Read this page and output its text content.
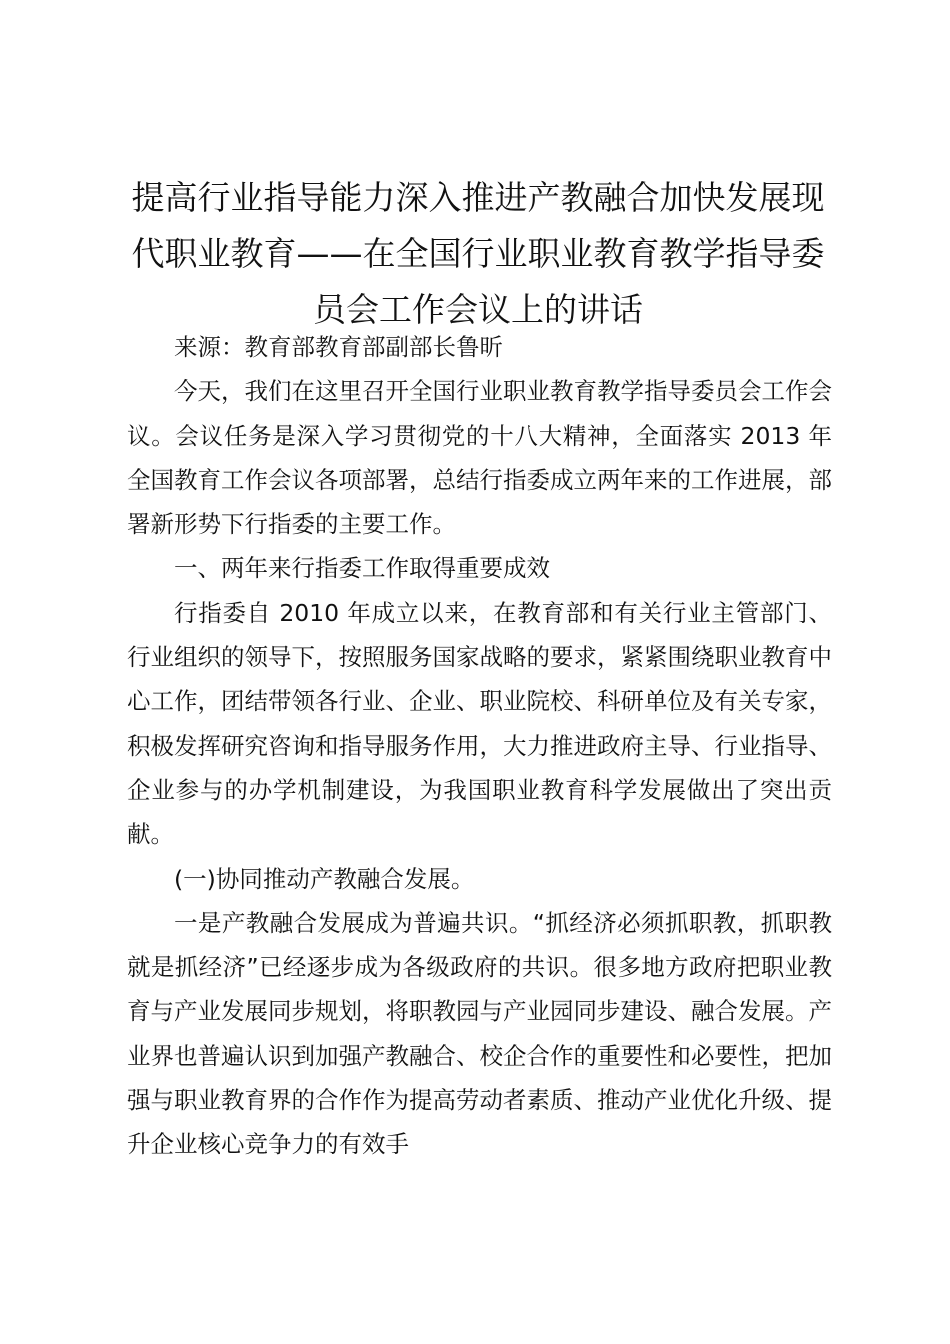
提高行业指导能力深入推进产教融合加快发展现代职业教育——在全国行业职业教育教学指导委员会工作会议上的讲话

来源：教育部教育部副部长鲁昕

今天，我们在这里召开全国行业职业教育教学指导委员会工作会议。会议任务是深入学习贯彻党的十八大精神，全面落实 2013 年全国教育工作会议各项部署，总结行指委成立两年来的工作进展，部署新形势下行指委的主要工作。

一、两年来行指委工作取得重要成效

行指委自 2010 年成立以来，在教育部和有关行业主管部门、行业组织的领导下，按照服务国家战略的要求，紧紧围绕职业教育中心工作，团结带领各行业、企业、职业院校、科研单位及有关专家，积极发挥研究咨询和指导服务作用，大力推进政府主导、行业指导、企业参与的办学机制建设，为我国职业教育科学发展做出了突出贡献。

(一)协同推动产教融合发展。

一是产教融合发展成为普遍共识。“抓经济必须抓职教，抓职教就是抓经济”已经逐步成为各级政府的共识。很多地方政府把职业教育与产业发展同步规划，将职教园与产业园同步建设、融合发展。产业界也普遍认识到加强产教融合、校企合作的重要性和必要性，把加强与职业教育界的合作作为提高劳动者素质、推动产业优化升级、提升企业核心竞争力的有效手
